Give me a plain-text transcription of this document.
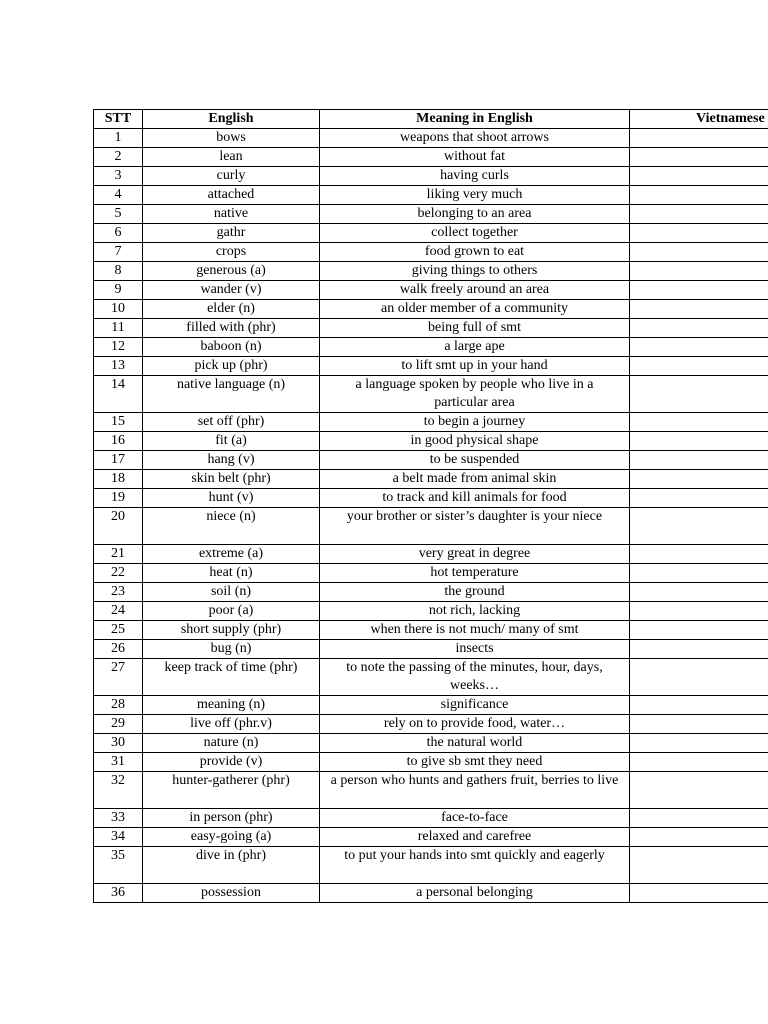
STT	English	Meaning in English	Vietnamese
1	bows	weapons that shoot arrows	
2	lean	without fat	
3	curly	having curls	
4	attached	liking very much	
5	native	belonging to an area	
6	gathr	collect together	
7	crops	food grown to eat	
8	generous (a)	giving things to others	
9	wander (v)	walk freely around an area	
10	elder (n)	an older member of a community	
11	filled with (phr)	being full of smt	
12	baboon (n)	a large ape	
13	pick up (phr)	to lift smt up in your hand	
14	native language (n)	a language spoken by people who live in a particular area	
15	set off (phr)	to begin a journey	
16	fit (a)	in good physical shape	
17	hang (v)	to be suspended	
18	skin belt (phr)	a belt made from animal skin	
19	hunt (v)	to track and kill animals for food	
20	niece (n)	your brother or sister’s daughter is your niece	
21	extreme (a)	very great in degree	
22	heat (n)	hot temperature	
23	soil (n)	the ground	
24	poor (a)	not rich, lacking	
25	short supply (phr)	when there is not much/ many of smt	
26	bug (n)	insects	
27	keep track of time (phr)	to note the passing of the minutes, hour, days, weeks…	
28	meaning (n)	significance	
29	live off (phr.v)	rely on to provide food, water…	
30	nature (n)	the natural world	
31	provide (v)	to give sb smt they need	
32	hunter-gatherer (phr)	a person who hunts and gathers fruit, berries to live	
33	in person (phr)	face-to-face	
34	easy-going (a)	relaxed and carefree	
35	dive in (phr)	to put your hands into smt quickly and eagerly	
36	possession	a personal belonging	
